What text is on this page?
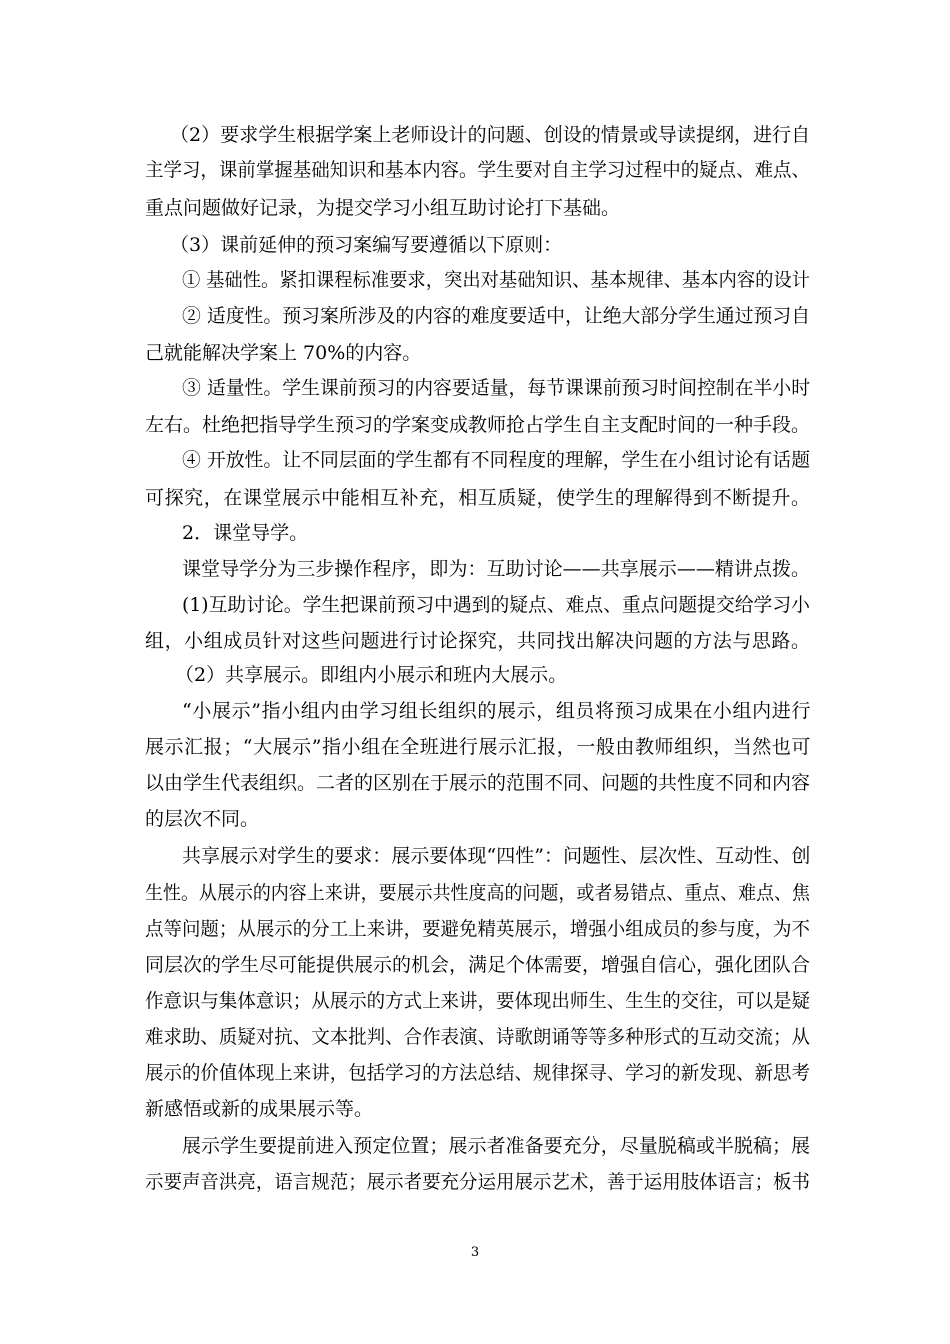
（2）要求学生根据学案上老师设计的问题、创设的情景或导读提纲，进行自
主学习，课前掌握基础知识和基本内容。学生要对自主学习过程中的疑点、难点、
重点问题做好记录，为提交学习小组互助讨论打下基础。
（3）课前延伸的预习案编写要遵循以下原则：
① 基础性。紧扣课程标准要求，突出对基础知识、基本规律、基本内容的设计
② 适度性。预习案所涉及的内容的难度要适中，让绝大部分学生通过预习自
己就能解决学案上 70%的内容。
③ 适量性。学生课前预习的内容要适量，每节课课前预习时间控制在半小时
左右。杜绝把指导学生预习的学案变成教师抢占学生自主支配时间的一种手段。
④ 开放性。让不同层面的学生都有不同程度的理解，学生在小组讨论有话题
可探究，在课堂展示中能相互补充，相互质疑，使学生的理解得到不断提升。
2．课堂导学。
课堂导学分为三步操作程序，即为：互助讨论——共享展示——精讲点拨。
(1)互助讨论。学生把课前预习中遇到的疑点、难点、重点问题提交给学习小
组，小组成员针对这些问题进行讨论探究，共同找出解决问题的方法与思路。
（2）共享展示。即组内小展示和班内大展示。
“小展示”指小组内由学习组长组织的展示，组员将预习成果在小组内进行
展示汇报；“大展示”指小组在全班进行展示汇报，一般由教师组织，当然也可
以由学生代表组织。二者的区别在于展示的范围不同、问题的共性度不同和内容
的层次不同。
共享展示对学生的要求：展示要体现“四性”：问题性、层次性、互动性、创
生性。从展示的内容上来讲，要展示共性度高的问题，或者易错点、重点、难点、焦
点等问题；从展示的分工上来讲，要避免精英展示，增强小组成员的参与度，为不
同层次的学生尽可能提供展示的机会，满足个体需要，增强自信心，强化团队合
作意识与集体意识；从展示的方式上来讲，要体现出师生、生生的交往，可以是疑
难求助、质疑对抗、文本批判、合作表演、诗歌朗诵等等多种形式的互动交流；从
展示的价值体现上来讲，包括学习的方法总结、规律探寻、学习的新发现、新思考
新感悟或新的成果展示等。
展示学生要提前进入预定位置；展示者准备要充分，尽量脱稿或半脱稿；展
示要声音洪亮，语言规范；展示者要充分运用展示艺术，善于运用肢体语言；板书
3
